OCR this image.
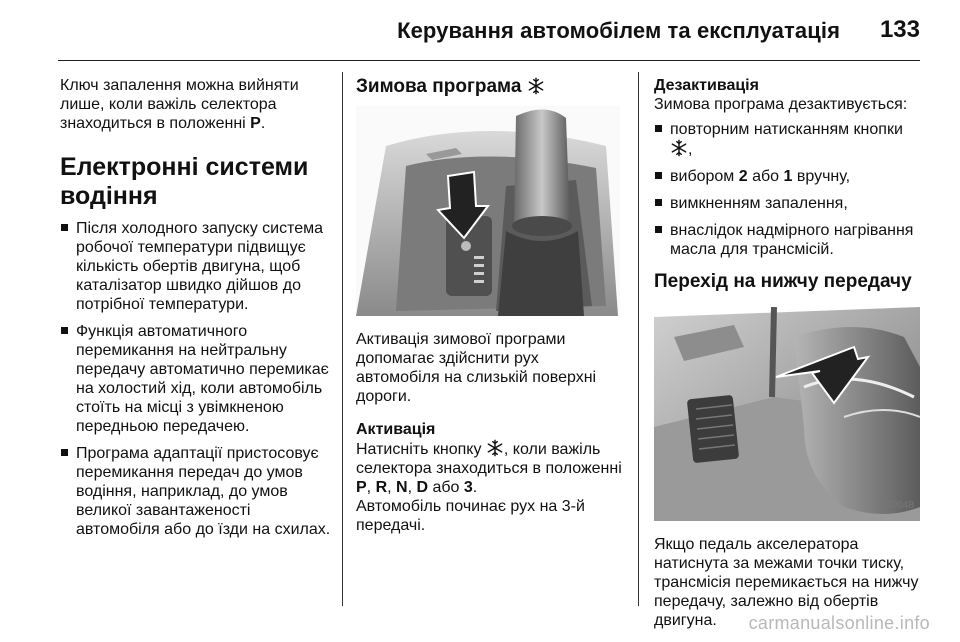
Керування автомобілем та експлуатація 133

Ключ запалення можна вийняти лише, коли важіль селектора знаходиться в положенні P.

Електронні системи водіння
Після холодного запуску система робочої температури підвищує кількість обертів двигуна, щоб каталізатор швидко дійшов до потрібної температури.
Функція автоматичного перемикання на нейтральну передачу автоматично перемикає на холостий хід, коли автомобіль стоїть на місці з увімкненою передньою передачею.
Програма адаптації пристосовує перемикання передач до умов водіння, наприклад, до умов великої завантаженості автомобіля або до їзди на схилах.
Зимова програма

Активація зимової програми допомагає здійснити рух автомобіля на слизькій поверхні дороги.

Активація

Натисніть кнопку , коли важіль селектора знаходиться в положенні P, R, N, D або 3.
Автомобіль починає рух на 3-й передачі.

Дезактивація

Зимова програма дезактивується:

повторним натисканням кнопки ,
вибором 2 або 1 вручну,
вимкненням запалення,
внаслідок надмірного нагрівання масла для трансмісій.
Перехід на нижчу передачу
30048

Якщо педаль акселератора натиснута за межами точки тиску, трансмісія перемикається на нижчу передачу, залежно від обертів двигуна.	carmanualsonline.info
